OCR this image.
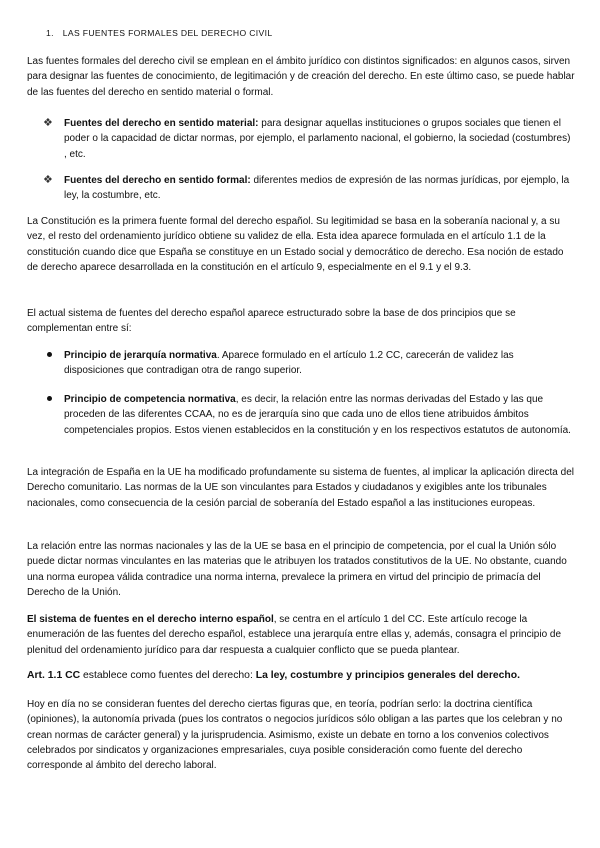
1. LAS FUENTES FORMALES DEL DERECHO CIVIL
Las fuentes formales del derecho civil se emplean en el ámbito jurídico con distintos significados: en algunos casos, sirven para designar las fuentes de conocimiento, de legitimación y de creación del derecho. En este último caso, se puede hablar de las fuentes del derecho en sentido material o formal.
❖	Fuentes del derecho en sentido material: para designar aquellas instituciones o grupos sociales que tienen el poder o la capacidad de dictar normas, por ejemplo, el parlamento nacional, el gobierno, la sociedad (costumbres) , etc.
❖	Fuentes del derecho en sentido formal: diferentes medios de expresión de las normas jurídicas, por ejemplo, la ley, la costumbre, etc.
La Constitución es la primera fuente formal del derecho español. Su legitimidad se basa en la soberanía nacional y, a su vez, el resto del ordenamiento jurídico obtiene su validez de ella. Esta idea aparece formulada en el artículo 1.1 de la constitución cuando dice que España se constituye en un Estado social y democrático de derecho. Esa noción de estado de derecho aparece desarrollada en la constitución en el artículo 9, especialmente en el 9.1 y el 9.3.
El actual sistema de fuentes del derecho español aparece estructurado sobre la base de dos principios que se complementan entre sí:
Principio de jerarquía normativa. Aparece formulado en el artículo 1.2 CC, carecerán de validez las disposiciones que contradigan otra de rango superior.
Principio de competencia normativa, es decir, la relación entre las normas derivadas del Estado y las que proceden de las diferentes CCAA, no es de jerarquía sino que cada uno de ellos tiene atribuidos ámbitos competenciales propios. Estos vienen establecidos en la constitución y en los respectivos estatutos de autonomía.
La integración de España en la UE ha modificado profundamente su sistema de fuentes, al implicar la aplicación directa del Derecho comunitario. Las normas de la UE son vinculantes para Estados y ciudadanos y exigibles ante los tribunales nacionales, como consecuencia de la cesión parcial de soberanía del Estado español a las instituciones europeas.
La relación entre las normas nacionales y las de la UE se basa en el principio de competencia, por el cual la Unión sólo puede dictar normas vinculantes en las materias que le atribuyen los tratados constitutivos de la UE. No obstante, cuando una norma europea válida contradice una norma interna, prevalece la primera en virtud del principio de primacía del Derecho de la Unión.
El sistema de fuentes en el derecho interno español, se centra en el artículo 1 del CC. Este artículo recoge la enumeración de las fuentes del derecho español, establece una jerarquía entre ellas y, además, consagra el principio de plenitud del ordenamiento jurídico para dar respuesta a cualquier conflicto que se pueda plantear.
Art. 1.1 CC establece como fuentes del derecho: La ley, costumbre y principios generales del derecho.
Hoy en día no se consideran fuentes del derecho ciertas figuras que, en teoría, podrían serlo: la doctrina científica (opiniones), la autonomía privada (pues los contratos o negocios jurídicos sólo obligan a las partes que los celebran y no crean normas de carácter general) y la jurisprudencia. Asimismo, existe un debate en torno a los convenios colectivos celebrados por sindicatos y organizaciones empresariales, cuya posible consideración como fuente del derecho corresponde al ámbito del derecho laboral.
